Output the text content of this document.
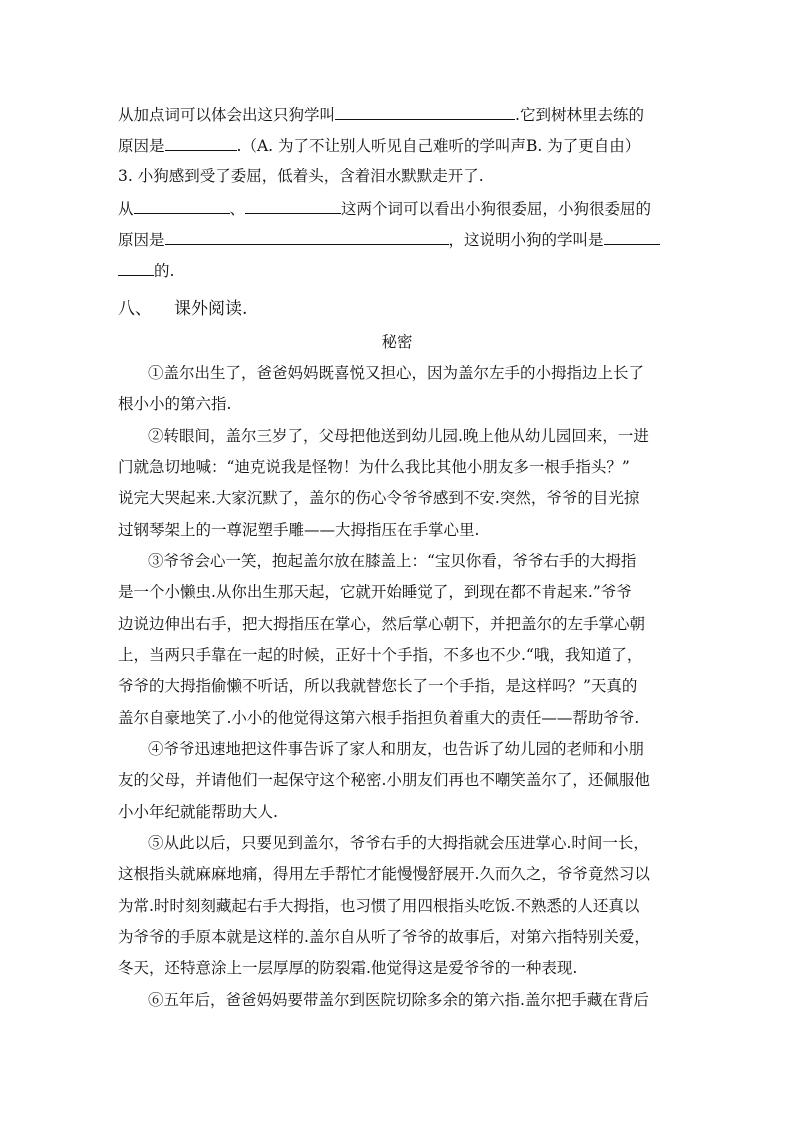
从加点词可以体会出这只狗学叫	.它到树林里去练的
原因是	.（A. 为了不让别人听见自己难听的学叫声B. 为了更自由）
3. 小狗感到受了委屈，低着头，含着泪水默默走开了.
从	、	这两个词可以看出小狗很委屈，小狗很委屈的
原因是	，这说明小狗的学叫是
的.
八、 课外阅读.
秘密
①盖尔出生了，爸爸妈妈既喜悦又担心，因为盖尔左手的小拇指边上长了
根小小的第六指.
②转眼间，盖尔三岁了，父母把他送到幼儿园.晚上他从幼儿园回来，一进
门就急切地喊：“迪克说我是怪物！为什么我比其他小朋友多一根手指头？”
说完大哭起来.大家沉默了，盖尔的伤心令爷爷感到不安.突然，爷爷的目光掠
过钢琴架上的一尊泥塑手雕——大拇指压在手掌心里.
③爷爷会心一笑，抱起盖尔放在膝盖上：“宝贝你看，爷爷右手的大拇指
是一个小懒虫.从你出生那天起，它就开始睡觉了，到现在都不肯起来.”爷爷
边说边伸出右手，把大拇指压在掌心，然后掌心朝下，并把盖尔的左手掌心朝
上，当两只手靠在一起的时候，正好十个手指，不多也不少.“哦，我知道了，
爷爷的大拇指偷懒不听话，所以我就替您长了一个手指，是这样吗？”天真的
盖尔自豪地笑了.小小的他觉得这第六根手指担负着重大的责任——帮助爷爷.
④爷爷迅速地把这件事告诉了家人和朋友，也告诉了幼儿园的老师和小朋
友的父母，并请他们一起保守这个秘密.小朋友们再也不嘲笑盖尔了，还佩服他
小小年纪就能帮助大人.
⑤从此以后，只要见到盖尔，爷爷右手的大拇指就会压进掌心.时间一长，
这根指头就麻麻地痛，得用左手帮忙才能慢慢舒展开.久而久之，爷爷竟然习以
为常.时时刻刻藏起右手大拇指，也习惯了用四根指头吃饭.不熟悉的人还真以
为爷爷的手原本就是这样的.盖尔自从听了爷爷的故事后，对第六指特别关爱，
冬天，还特意涂上一层厚厚的防裂霜.他觉得这是爱爷爷的一种表现.
⑥五年后，爸爸妈妈要带盖尔到医院切除多余的第六指.盖尔把手藏在背后
